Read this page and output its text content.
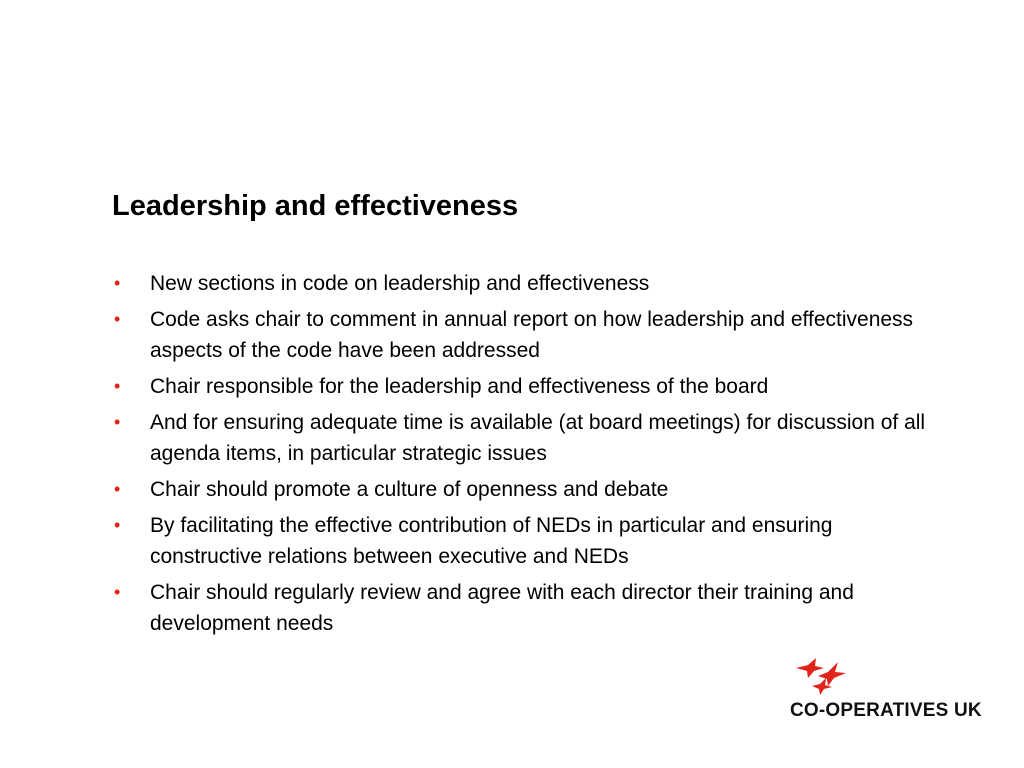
Leadership and effectiveness
• New sections in code on leadership and effectiveness
• Code asks chair to comment in annual report on how leadership and effectiveness aspects of the code have been addressed
• Chair responsible for the leadership and effectiveness of the board
• And for ensuring adequate time is available (at board meetings) for discussion of all agenda items, in particular strategic issues
• Chair should promote a culture of openness and debate
• By facilitating the effective contribution of NEDs in particular and ensuring constructive relations between executive and NEDs
• Chair should regularly review and agree with each director their training and development needs
CO-OPERATIVES UK
